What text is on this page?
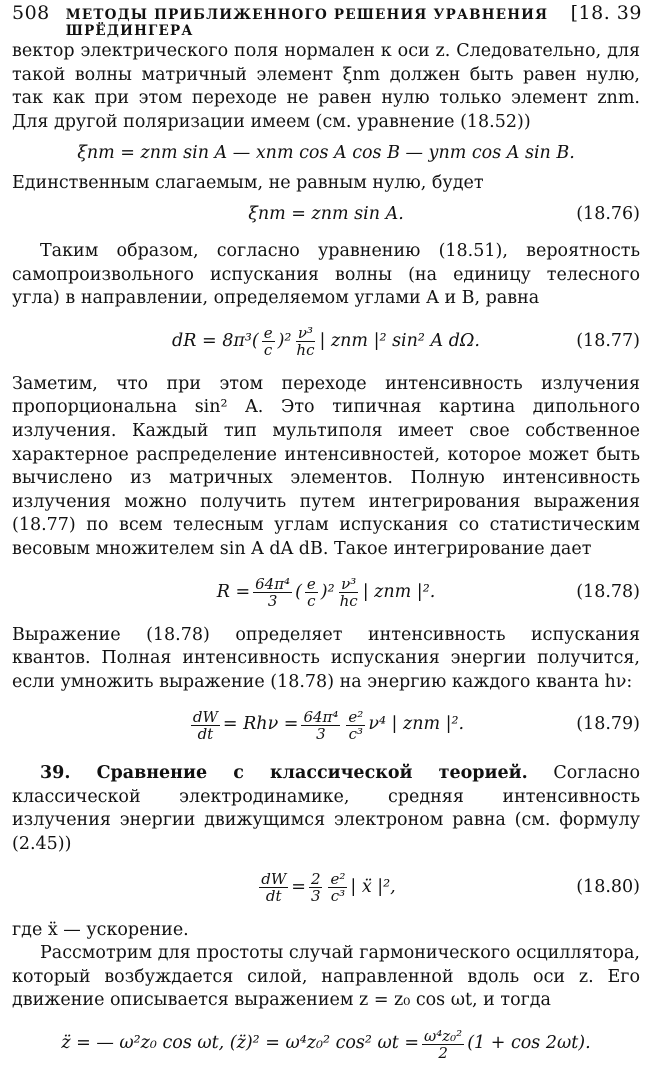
508 МЕТОДЫ ПРИБЛИЖЕННОГО РЕШЕНИЯ УРАВНЕНИЯ ШРЁДИНГЕРА
[18. 39

вектор электрического поля нормален к оси z. Следовательно, для такой волны матричный элемент ξnm должен быть равен нулю, так как при этом переходе не равен нулю только элемент znm. Для другой поляризации имеем (см. уравнение (18.52))

ξnm = znm sin A — xnm cos A cos B — ynm cos A sin B.

Единственным слагаемым, не равным нулю, будет

ξnm = znm sin A.	(18.76)

Таким образом, согласно уравнению (18.51), вероятность самопроизвольного испускания волны (на единицу телесного угла) в направлении, определяемом углами A и B, равна

dR = 8π³ ( $\frac{e}{c} )^2 \frac{\text{ν³}}{hc}$ | znm |² sin² A dΩ.	(18.77)

Заметим, что при этом переходе интенсивность излучения пропорциональна sin² A. Это типичная картина дипольного излучения. Каждый тип мультиполя имеет свое собственное характерное распределение интенсивностей, которое может быть вычислено из матричных элементов. Полную интенсивность излучения можно получить путем интегрирования выражения (18.77) по всем телесным углам испускания со статистическим весовым множителем sin A dA dB. Такое интегрирование дает

$R = \frac{\text{64π⁴}}{3}$ ( $\frac{e}{c} )^2 \frac{\text{ν³}}{hc}$ | znm |².	(18.78)

Выражение (18.78) определяет интенсивность испускания квантов. Полная интенсивность испускания энергии получится, если умножить выражение (18.78) на энергию каждого кванта hν:

$\frac{dW}{dt} = Rh\nu = \frac{\text{64π⁴}}{3} \frac{\text{e²}}{\text{c³}} \nu^4$ | znm |².	(18.79)

39. Сравнение с классической теорией. Согласно классической электродинамике, средняя интенсивность излучения энергии движущимся электроном равна (см. формулу (2.45))

$\frac{dW}{dt} = \frac{2}{3} \frac{\text{e²}}{\text{c³}}$ | ẍ |²,	(18.80)

где ẍ — ускорение.

Рассмотрим для простоты случай гармонического осциллятора, который возбуждается силой, направленной вдоль оси z. Его движение описывается выражением z = z₀ cos ωt, и тогда

z̈ = — ω²z₀ cos ωt, (z̈)² = ω⁴z₀² cos² $\omega t = \frac{\text{ω⁴z₀²}}{2} (1 + \cos 2\omega t)$.
